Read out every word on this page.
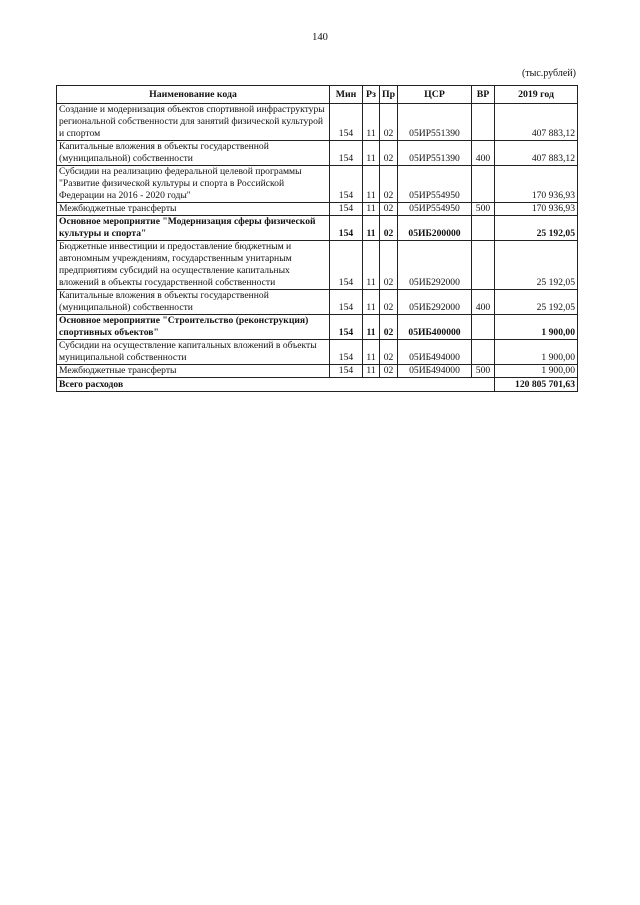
140
(тыс.рублей)
Наименование кода	Мин	Рз	Пр	ЦСР	ВР	2019 год
Создание и модернизация объектов спортивной инфраструктуры региональной собственности для занятий физической культурой и спортом	154	11	02	05ИР551390		407 883,12
Капитальные вложения в объекты государственной (муниципальной) собственности	154	11	02	05ИР551390	400	407 883,12
Субсидии на реализацию федеральной целевой программы "Развитие физической культуры и спорта в Российской Федерации на 2016 - 2020 годы"	154	11	02	05ИР554950		170 936,93
Межбюджетные трансферты	154	11	02	05ИР554950	500	170 936,93
Основное мероприятие "Модернизация сферы физической культуры и спорта"	154	11	02	05ИБ200000		25 192,05
Бюджетные инвестиции и предоставление бюджетным и автономным учреждениям, государственным унитарным предприятиям субсидий на осуществление капитальных вложений в объекты государственной собственности	154	11	02	05ИБ292000		25 192,05
Капитальные вложения в объекты государственной (муниципальной) собственности	154	11	02	05ИБ292000	400	25 192,05
Основное мероприятие "Строительство (реконструкция) спортивных объектов"	154	11	02	05ИБ400000		1 900,00
Субсидии на осуществление капитальных вложений в объекты муниципальной собственности	154	11	02	05ИБ494000		1 900,00
Межбюджетные трансферты	154	11	02	05ИБ494000	500	1 900,00
Всего расходов						120 805 701,63
